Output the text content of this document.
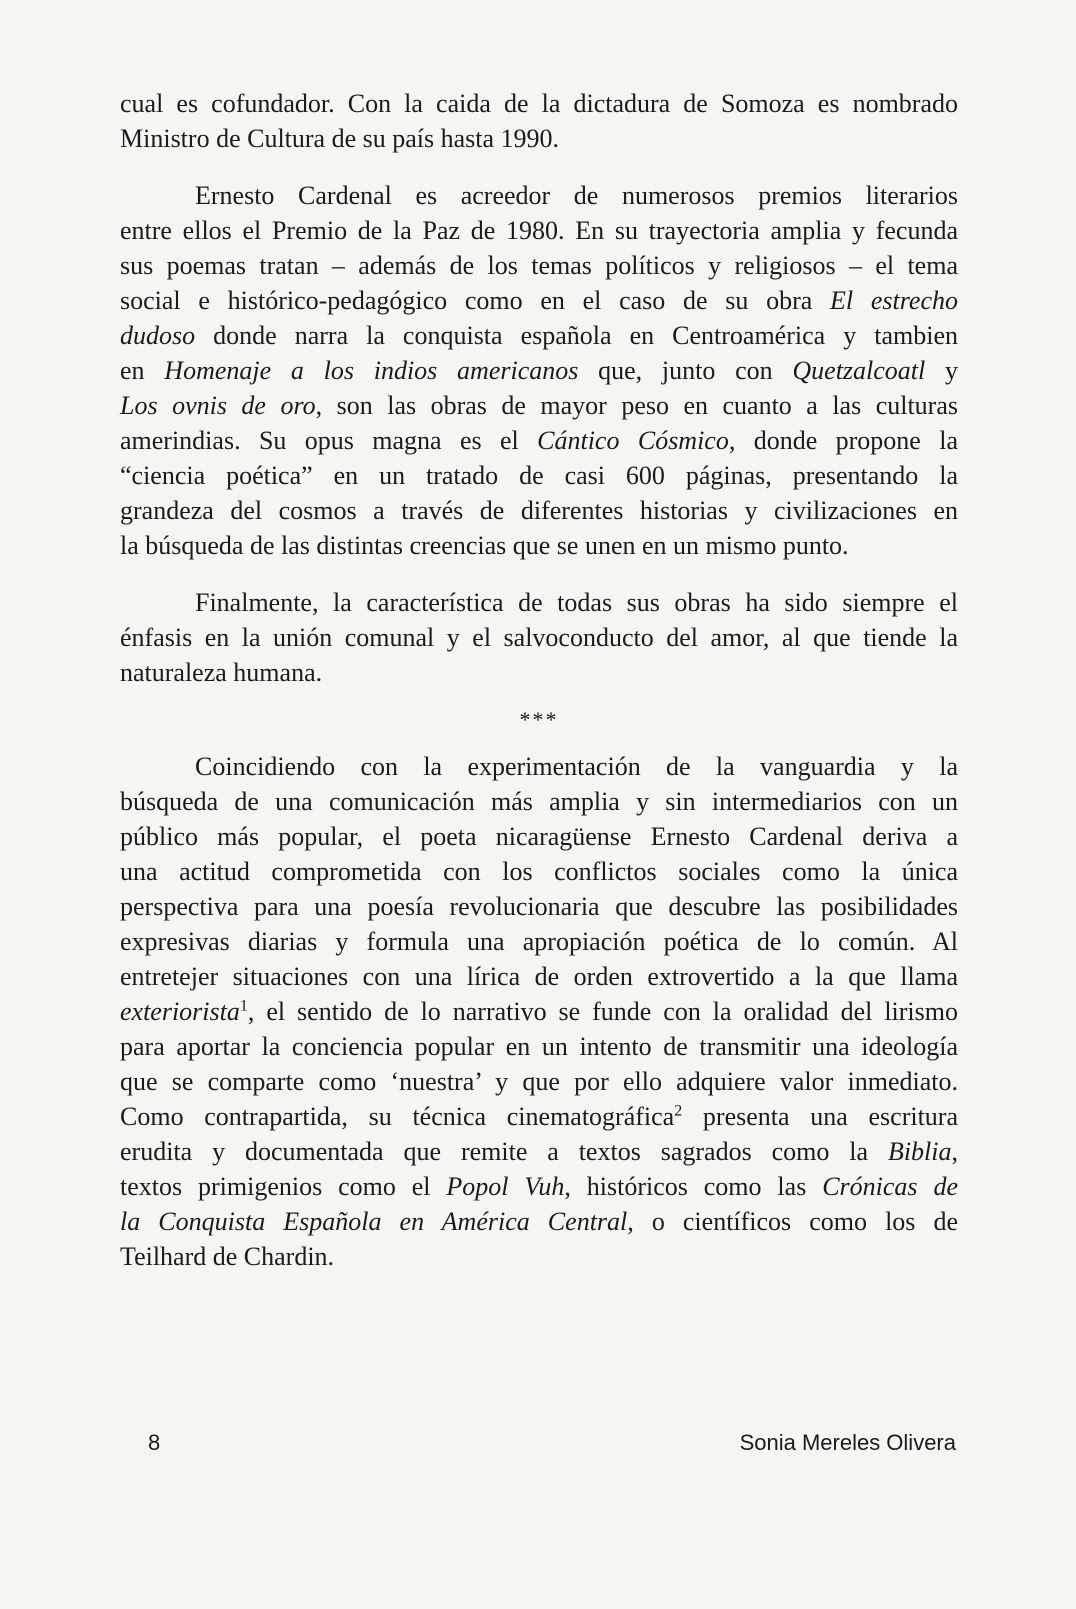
cual es cofundador. Con la caida de la dictadura de Somoza es nombrado
Ministro de Cultura de su país hasta 1990.
Ernesto Cardenal es acreedor de numerosos premios literarios
entre ellos el Premio de la Paz de 1980. En su trayectoria amplia y fecunda
sus poemas tratan – además de los temas políticos y religiosos – el tema
social e histórico-pedagógico como en el caso de su obra El estrecho
dudoso donde narra la conquista española en Centroamérica y tambien
en Homenaje a los indios americanos que, junto con Quetzalcoatl y
Los ovnis de oro, son las obras de mayor peso en cuanto a las culturas
amerindias. Su opus magna es el Cántico Cósmico, donde propone la
“ciencia poética” en un tratado de casi 600 páginas, presentando la
grandeza del cosmos a través de diferentes historias y civilizaciones en
la búsqueda de las distintas creencias que se unen en un mismo punto.
Finalmente, la característica de todas sus obras ha sido siempre el
énfasis en la unión comunal y el salvoconducto del amor, al que tiende la
naturaleza humana.
***
Coincidiendo con la experimentación de la vanguardia y la
búsqueda de una comunicación más amplia y sin intermediarios con un
público más popular, el poeta nicaragüense Ernesto Cardenal deriva a
una actitud comprometida con los conflictos sociales como la única
perspectiva para una poesía revolucionaria que descubre las posibilidades
expresivas diarias y formula una apropiación poética de lo común. Al
entretejer situaciones con una lírica de orden extrovertido a la que llama
exteriorista$^1$, el sentido de lo narrativo se funde con la oralidad del lirismo
para aportar la conciencia popular en un intento de transmitir una ideología
que se comparte como ‘nuestra’ y que por ello adquiere valor inmediato.
Como contrapartida, su técnica cinematográfica$^2$ presenta una escritura
erudita y documentada que remite a textos sagrados como la Biblia,
textos primigenios como el Popol Vuh, históricos como las Crónicas de
la Conquista Española en América Central, o científicos como los de
Teilhard de Chardin.
8	Sonia Mereles Olivera
